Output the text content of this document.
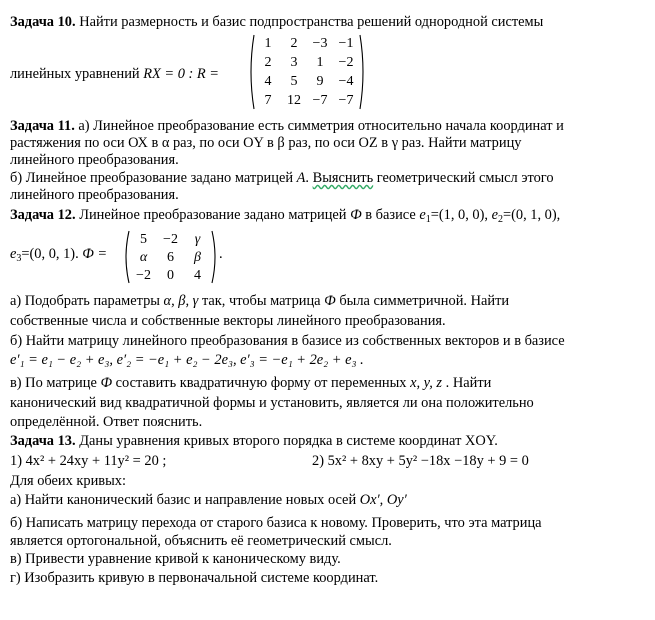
Задача 10. Найти размерность и базис подпространства решений однородной системы
линейных уравнений RX = 0 : R =
1	2	−3 −1
2	3	1	−2
4	5	9	−4
7	12 −7 −7
Задача 11. а) Линейное преобразование есть симметрия относительно начала координат и
растяжения по оси ОХ в α раз, по оси OY в β раз, по оси OZ в γ раз. Найти матрицу
линейного преобразования.
б) Линейное преобразование задано матрицей A. Выяснить геометрический смысл этого
линейного преобразования.
Задача 12. Линейное преобразование задано матрицей Ф в базисе $e_1=(1$, 0, 0), $e_2=(0$, 1, 0),
$e_3=(0$, 0, 1). Ф =
5	−2	γ
α	6	β
−2	0	4
.
а) Подобрать параметры α, β, γ так, чтобы матрица Ф была симметричной. Найти
собственные числа и собственные векторы линейного преобразования.
б) Найти матрицу линейного преобразования в базисе из собственных векторов и в базисе
e′₁ = e₁ − e₂ + e₃, e′₂ = −e₁ + e₂ − 2e₃, e′₃ = −e₁ + 2e₂ + e₃ .
в) По матрице Ф составить квадратичную форму от переменных x, y, z . Найти
канонический вид квадратичной формы и установить, является ли она положительно
определённой. Ответ пояснить.
Задача 13. Даны уравнения кривых второго порядка в системе координат XOY.
1) 4x² + 24xy + 11y² = 20 ;	2) 5x² + 8xy + 5y² −18x −18y + 9 = 0
Для обеих кривых:
а) Найти канонический базис и направление новых осей Ox′, Oy′
б) Написать матрицу перехода от старого базиса к новому. Проверить, что эта матрица
является ортогональной, объяснить её геометрический смысл.
в) Привести уравнение кривой к каноническому виду.
г) Изобразить кривую в первоначальной системе координат.
